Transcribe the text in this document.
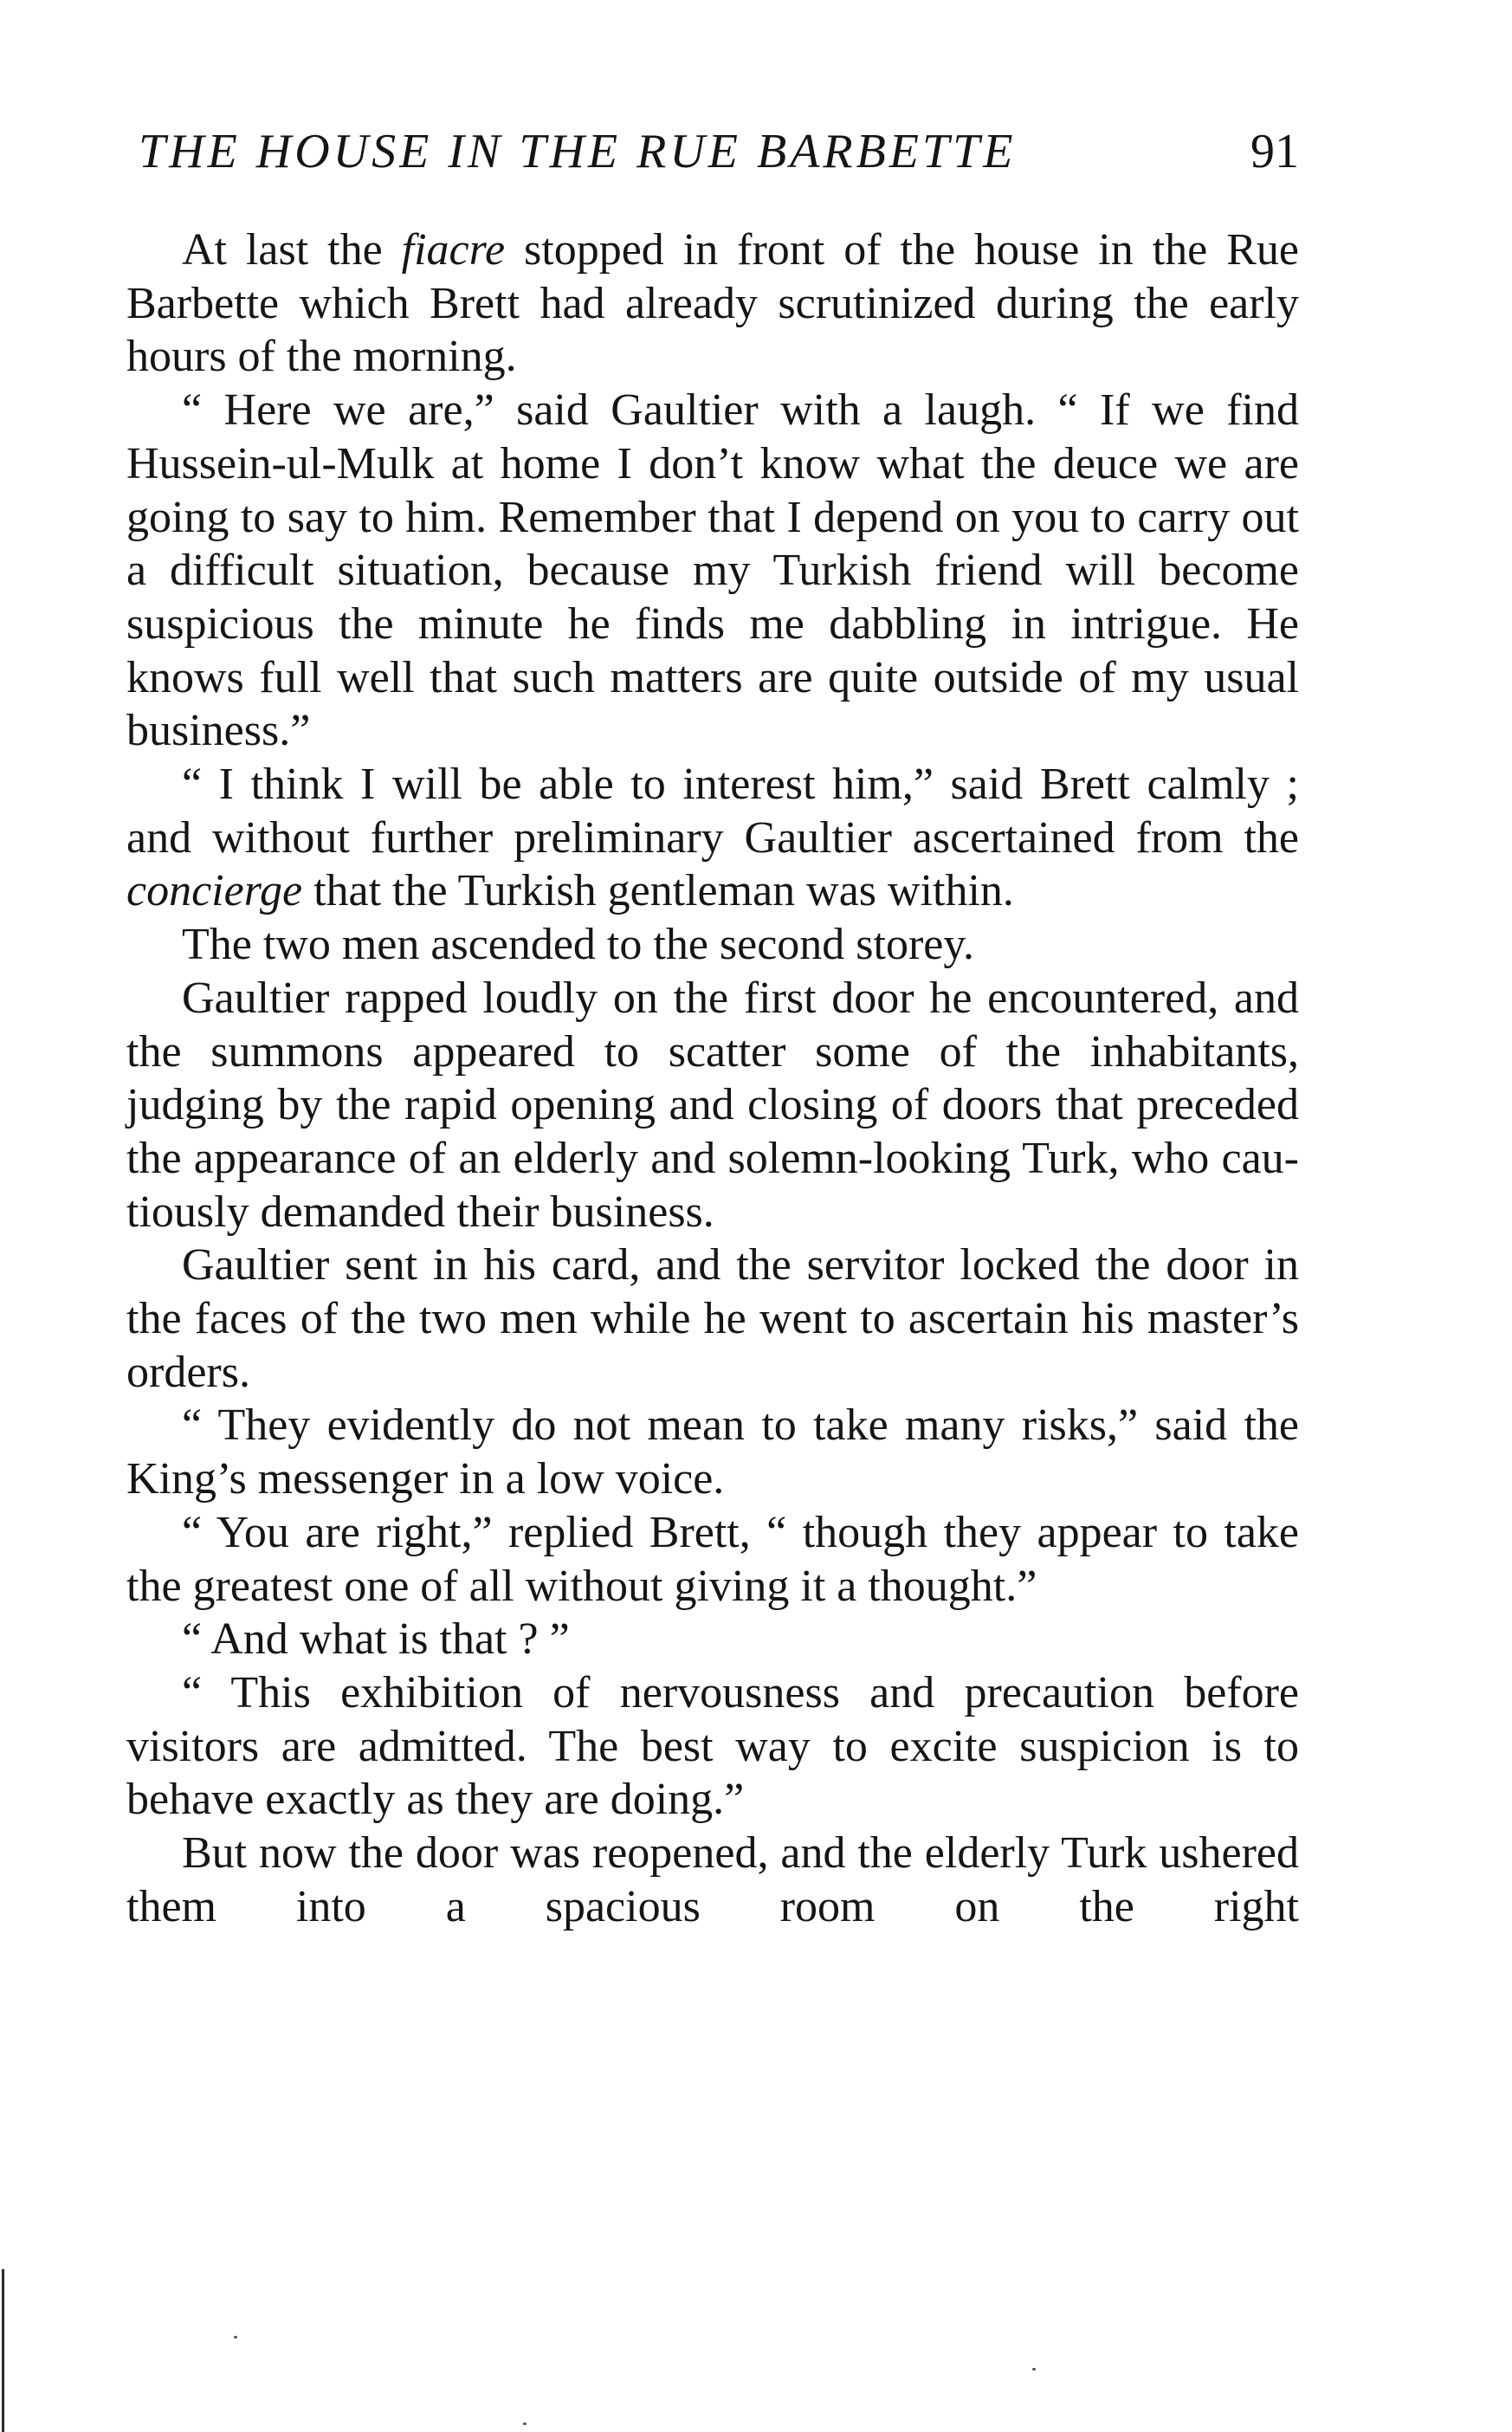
THE HOUSE IN THE RUE BARBETTE	91

At last the fiacre stopped in front of the house in the Rue Barbette which Brett had already scrutinized during the early hours of the morning.

“ Here we are,” said Gaultier with a laugh. “ If we find Hussein-ul-Mulk at home I don’t know what the deuce we are going to say to him. Remember that I depend on you to carry out a difficult situation, because my Turkish friend will become suspicious the minute he finds me dabbling in intrigue. He knows full well that such matters are quite outside of my usual business.”

“ I think I will be able to interest him,” said Brett calmly ; and without further preliminary Gaultier ascertained from the concierge that the Turkish gentleman was within.

The two men ascended to the second storey.

Gaultier rapped loudly on the first door he encountered, and the summons appeared to scatter some of the inhabitants, judging by the rapid opening and closing of doors that preceded the appearance of an elderly and solemn-looking Turk, who cautiously demanded their business.

Gaultier sent in his card, and the servitor locked the door in the faces of the two men while he went to ascertain his master’s orders.

“ They evidently do not mean to take many risks,” said the King’s messenger in a low voice.

“ You are right,” replied Brett, “ though they appear to take the greatest one of all without giving it a thought.”

“ And what is that ? ”

“ This exhibition of nervousness and precaution before visitors are admitted. The best way to excite suspicion is to behave exactly as they are doing.”

But now the door was reopened, and the elderly Turk ushered them into a spacious room on the right
